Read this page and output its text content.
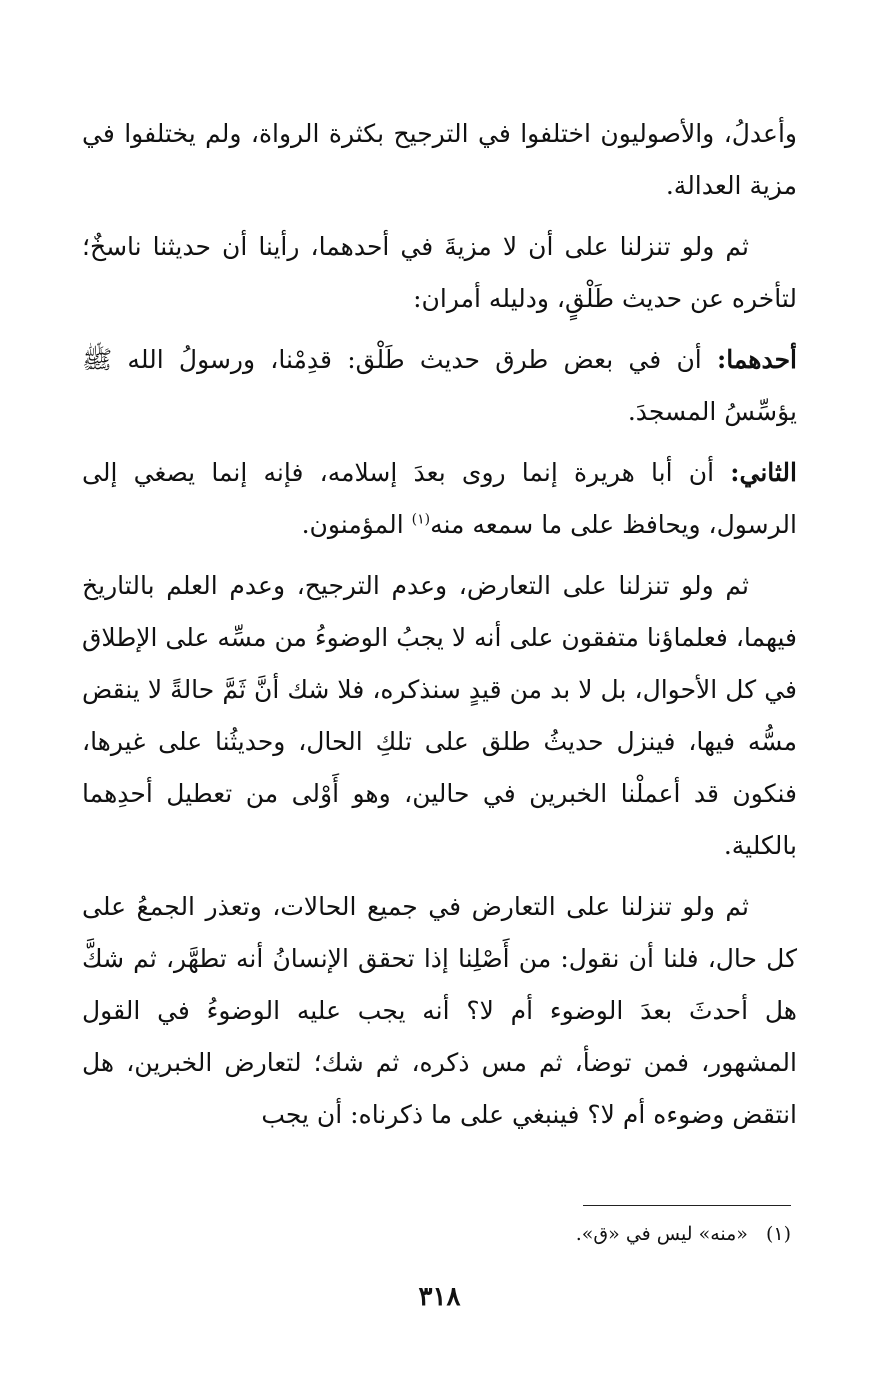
وأعدلُ، والأصوليون اختلفوا في الترجيح بكثرة الرواة، ولم يختلفوا في مزية العدالة.

ثم ولو تنزلنا على أن لا مزيةَ في أحدهما، رأينا أن حديثنا ناسخٌ؛ لتأخره عن حديث طَلْقٍ، ودليله أمران:

أحدهما: أن في بعض طرق حديث طَلْق: قدِمْنا، ورسولُ الله ﷺ يؤسِّسُ المسجدَ.

الثاني: أن أبا هريرة إنما روى بعدَ إسلامه، فإنه إنما يصغي إلى الرسول، ويحافظ على ما سمعه منه$^{(١)}$ المؤمنون.

ثم ولو تنزلنا على التعارض، وعدم الترجيح، وعدم العلم بالتاريخ فيهما، فعلماؤنا متفقون على أنه لا يجبُ الوضوءُ من مسِّه على الإطلاق في كل الأحوال، بل لا بد من قيدٍ سنذكره، فلا شك أنَّ ثَمَّ حالةً لا ينقض مسُّه فيها، فينزل حديثُ طلق على تلكِ الحال، وحديثُنا على غيرها، فنكون قد أعملْنا الخبرين في حالين، وهو أَوْلى من تعطيل أحدِهما بالكلية.

ثم ولو تنزلنا على التعارض في جميع الحالات، وتعذر الجمعُ على كل حال، فلنا أن نقول: من أَصْلِنا إذا تحقق الإنسانُ أنه تطهَّر، ثم شكَّ هل أحدثَ بعدَ الوضوء أم لا؟ أنه يجب عليه الوضوءُ في القول المشهور، فمن توضأ، ثم مس ذكره، ثم شك؛ لتعارض الخبرين، هل انتقض وضوءه أم لا؟ فينبغي على ما ذكرناه: أن يجب

(١)«منه» ليس في «ق».
٣١٨
